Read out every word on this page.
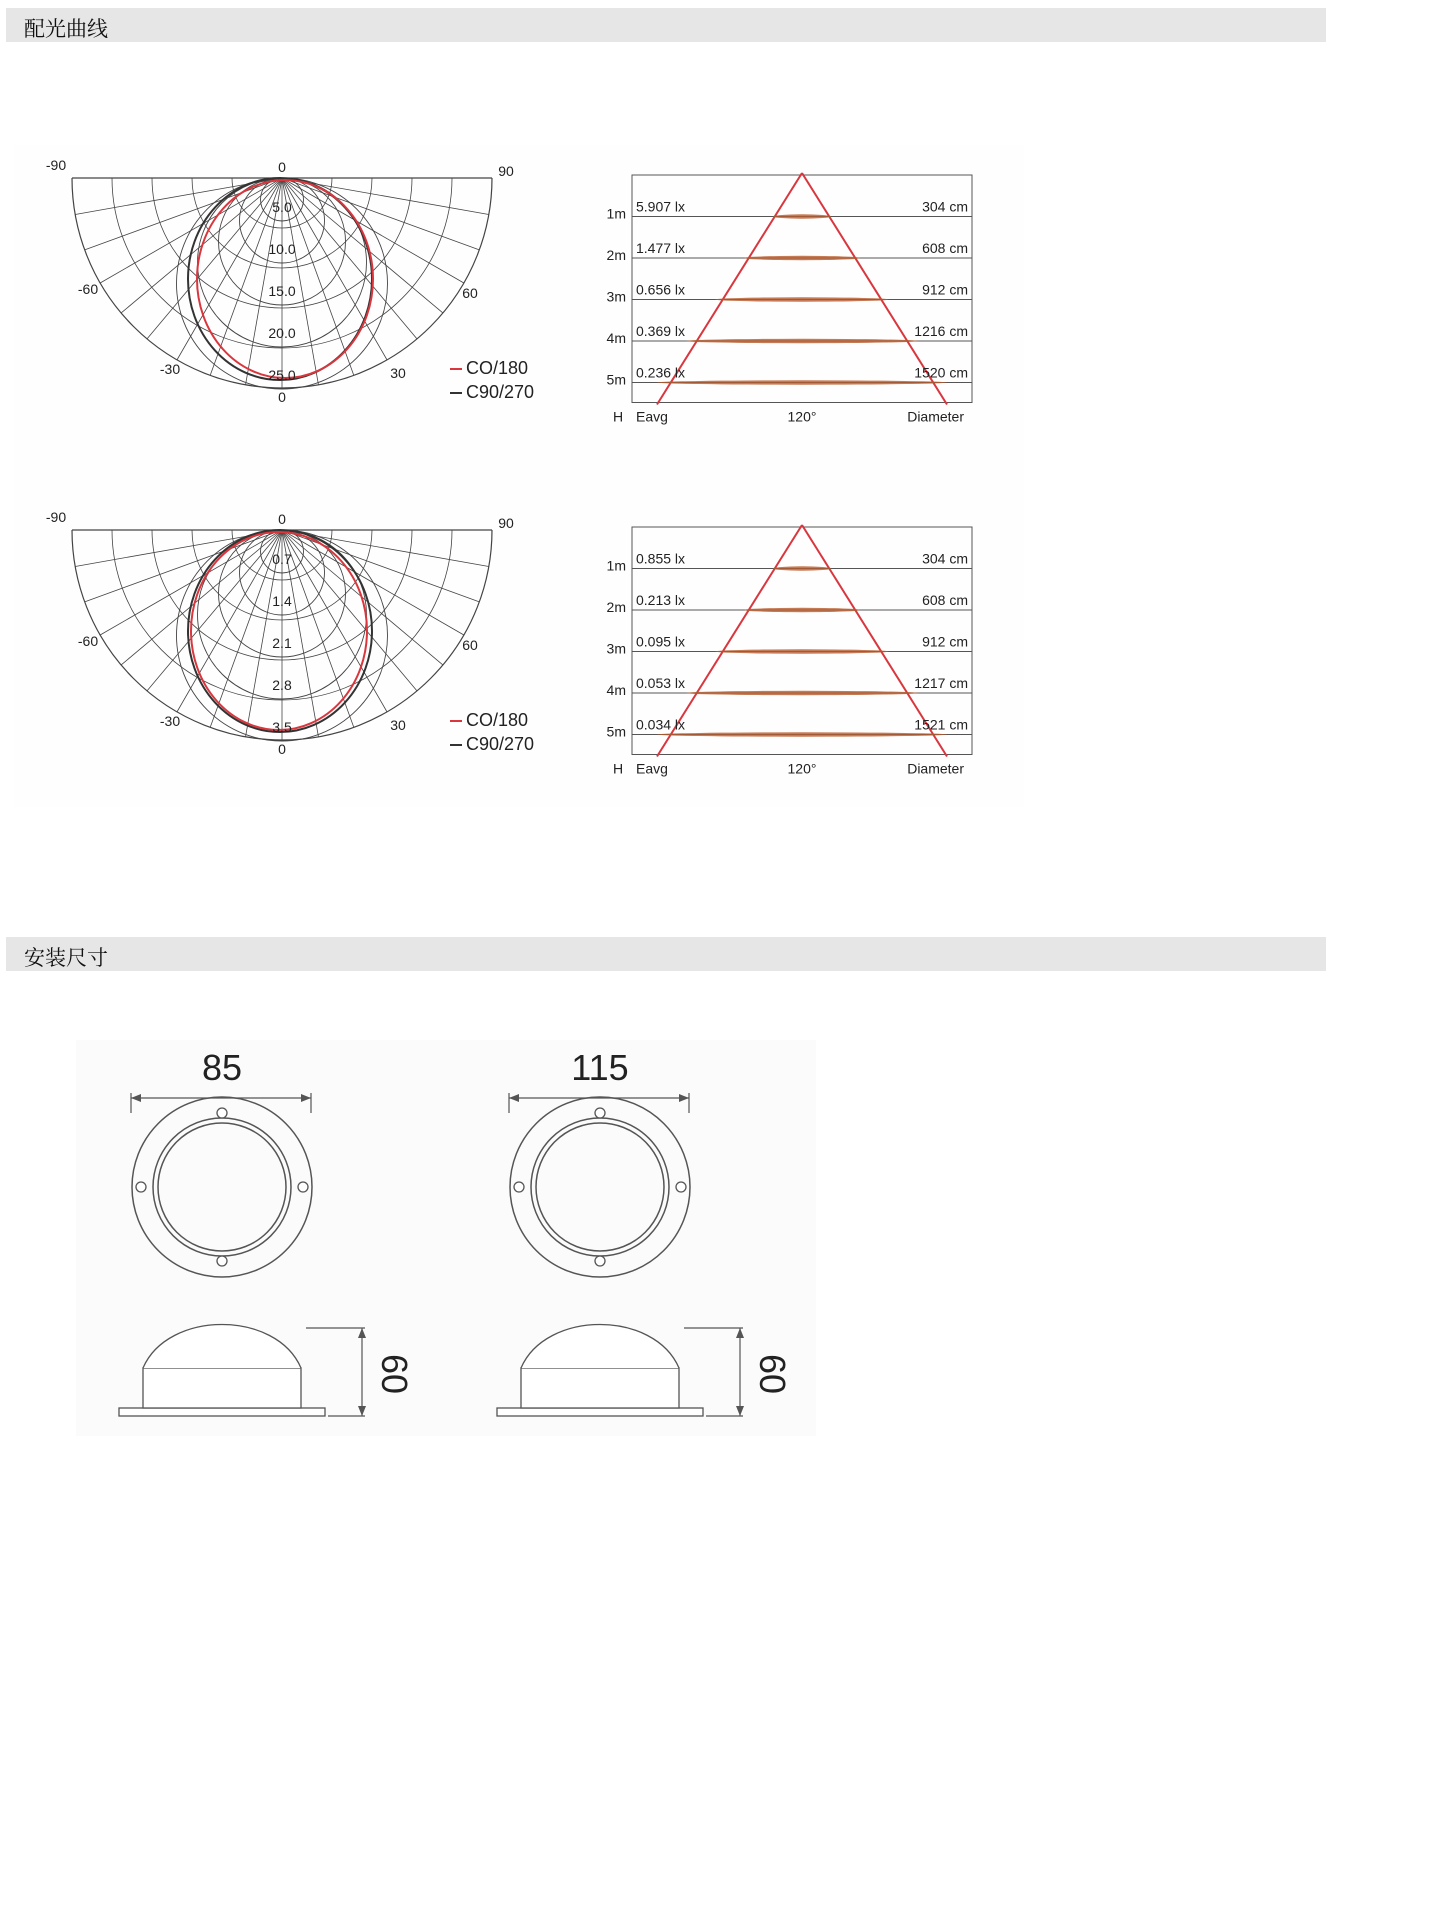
配光曲线
0
0
-90	90
-60	60
-30	30
5.0
10.0
15.0
20.0
25.0	CO/180
C90/270
0
0
-90	90
-60	60
-30	30
0.7
1.4
2.1
2.8
3.5	CO/180
C90/270
1m 5.907 lx	304 cm
2m 1.477 lx	608 cm
3m 0.656 lx	912 cm
4m 0.369 lx	1216 cm
5m 0.236 lx	1520 cm
H Eavg	120°	Diameter
1m 0.855 lx	304 cm
2m 0.213 lx	608 cm
3m 0.095 lx	912 cm
4m 0.053 lx	1217 cm
5m 0.034 lx	1521 cm
H Eavg	120°	Diameter
安装尺寸
85
60
115
60
